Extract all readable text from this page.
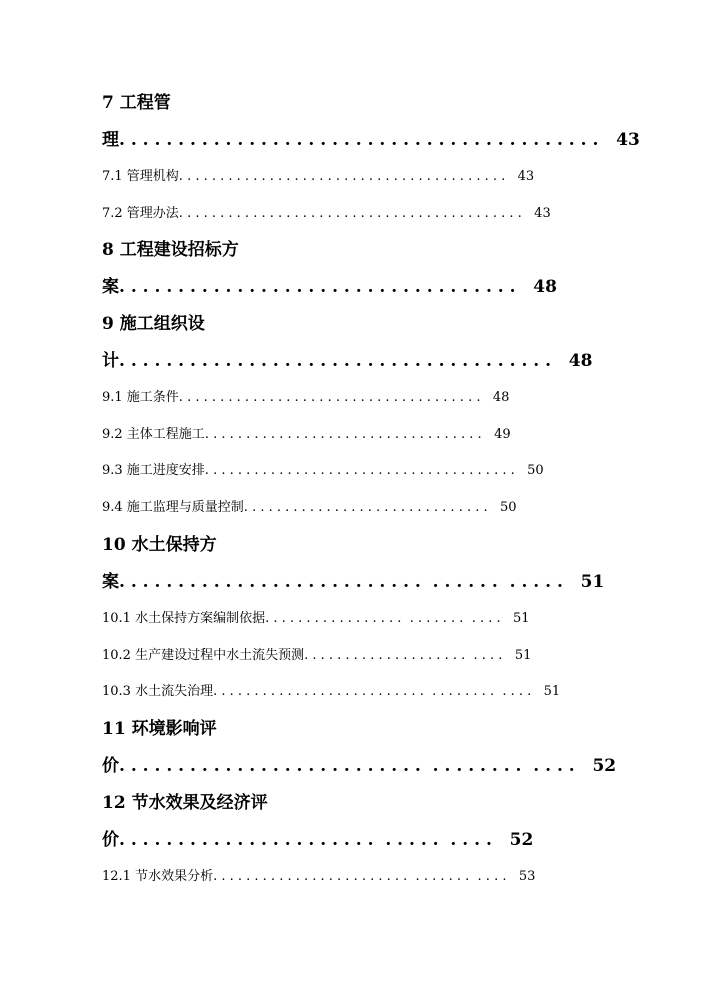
7 工程管
理. . . . . . . . . . . . . . . . . . . . . . . . . . . . . . . . . . . . . . . . .   43
7.1 管理机构. . . . . . . . . . . . . . . . . . . . . . . . . . . . . . . . . . . . . . . .   43
7.2 管理办法. . . . . . . . . . . . . . . . . . . . . . . . . . . . . . . . . . . . . . . . . .   43
8 工程建设招标方
案. . . . . . . . . . . . . . . . . . . . . . . . . . . . . . . . . .   48
9 施工组织设
计. . . . . . . . . . . . . . . . . . . . . . . . . . . . . . . . . . . . .   48
9.1 施工条件. . . . . . . . . . . . . . . . . . . . . . . . . . . . . . . . . . . . .   48
9.2 主体工程施工. . . . . . . . . . . . . . . . . . . . . . . . . . . . . . . . . .   49
9.3 施工进度安排. . . . . . . . . . . . . . . . . . . . . . . . . . . . . . . . . . . . . .   50
9.4 施工监理与质量控制. . . . . . . . . . . . . . . . . . . . . . . . . . . . . .   50
10 水土保持方
案. . . . . . . . . . . . . . . . . . . . . . . . . .  . . . . . .  . . . . .   51
10.1 水土保持方案编制依据. . . . . . . . . . . . . . . . .  . . . . . . .  . . . .   51
10.2 生产建设过程中水土流失预测. . . . . . . . . . . . . . . . . . . .  . . . .   51
10.3 水土流失治理. . . . . . . . . . . . . . . . . . . . . . . . . .  . . . . . . . .  . . . .   51
11 环境影响评
价. . . . . . . . . . . . . . . . . . . . . . . . . .  . . . . . . . .  . . . .   52
12 节水效果及经济评
价. . . . . . . . . . . . . . . . . . . . . .  . . . . .  . . . .   52
12.1 节水效果分析. . . . . . . . . . . . . . . . . . . . . . . .  . . . . . . .  . . . .   53
